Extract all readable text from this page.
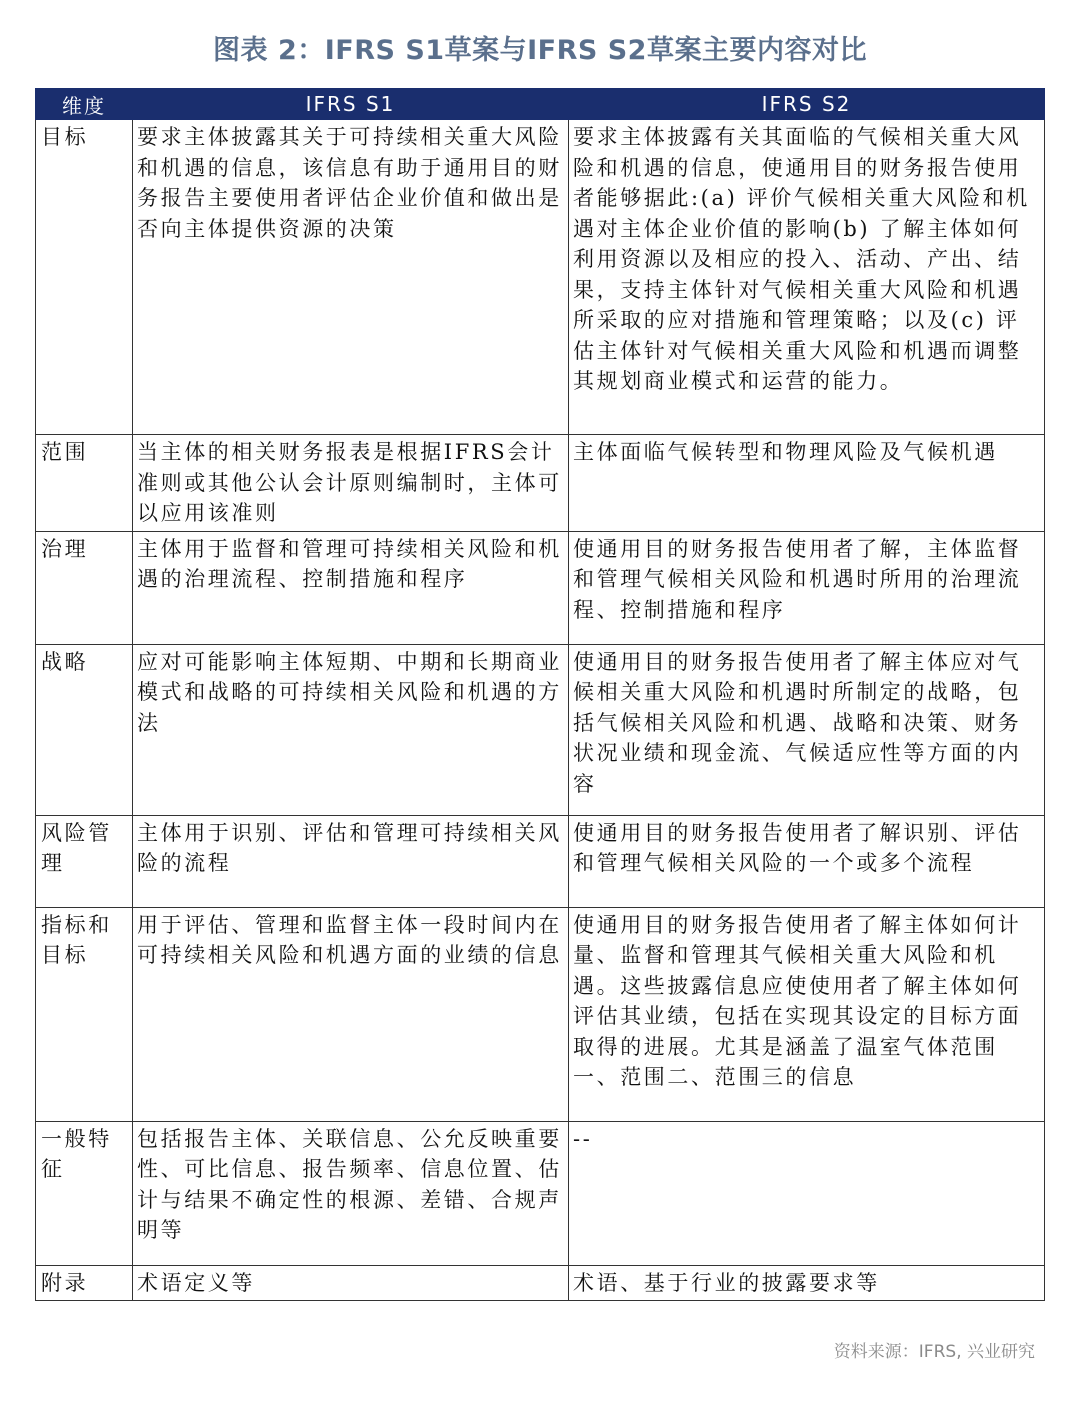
图表 2：IFRS S1草案与IFRS S2草案主要内容对比
维度	IFRS S1	IFRS S2
目标	要求主体披露其关于可持续相关重大风险和机遇的信息，该信息有助于通用目的财务报告主要使用者评估企业价值和做出是否向主体提供资源的决策	要求主体披露有关其面临的气候相关重大风险和机遇的信息，使通用目的财务报告使用者能够据此:(a) 评价气候相关重大风险和机遇对主体企业价值的影响(b) 了解主体如何利用资源以及相应的投入、活动、产出、结果，支持主体针对气候相关重大风险和机遇所采取的应对措施和管理策略；以及(c) 评估主体针对气候相关重大风险和机遇而调整其规划商业模式和运营的能力。
范围	当主体的相关财务报表是根据IFRS会计准则或其他公认会计原则编制时，主体可以应用该准则	主体面临气候转型和物理风险及气候机遇
治理	主体用于监督和管理可持续相关风险和机遇的治理流程、控制措施和程序	使通用目的财务报告使用者了解，主体监督和管理气候相关风险和机遇时所用的治理流程、控制措施和程序
战略	应对可能影响主体短期、中期和长期商业模式和战略的可持续相关风险和机遇的方法	使通用目的财务报告使用者了解主体应对气候相关重大风险和机遇时所制定的战略，包括气候相关风险和机遇、战略和决策、财务状况业绩和现金流、气候适应性等方面的内容
风险管理	主体用于识别、评估和管理可持续相关风险的流程	使通用目的财务报告使用者了解识别、评估和管理气候相关风险的一个或多个流程
指标和目标	用于评估、管理和监督主体一段时间内在可持续相关风险和机遇方面的业绩的信息	使通用目的财务报告使用者了解主体如何计量、监督和管理其气候相关重大风险和机遇。这些披露信息应使使用者了解主体如何评估其业绩，包括在实现其设定的目标方面取得的进展。尤其是涵盖了温室气体范围一、范围二、范围三的信息
一般特征	包括报告主体、关联信息、公允反映重要性、可比信息、报告频率、信息位置、估计与结果不确定性的根源、差错、合规声明等	--
附录	术语定义等	术语、基于行业的披露要求等
资料来源：IFRS, 兴业研究
